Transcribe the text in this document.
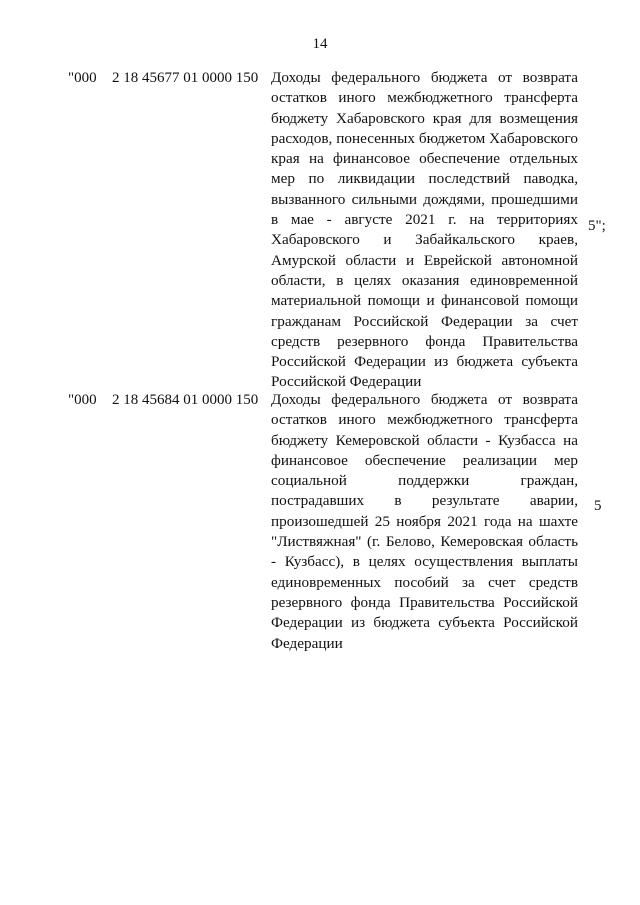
14
"000 2 18 45677 01 0000 150 Доходы федерального бюджета от возврата остатков иного межбюджетного трансферта бюджету Хабаровского края для возмещения расходов, понесенных бюджетом Хабаровского края на финансовое обеспечение отдельных мер по ликвидации последствий паводка, вызванного сильными дождями, прошедшими в мае - августе 2021 г. на территориях Хабаровского и Забайкальского краев, Амурской области и Еврейской автономной области, в целях оказания единовременной материальной помощи и финансовой помощи гражданам Российской Федерации за счет средств резервного фонда Правительства Российской Федерации из бюджета субъекта Российской Федерации
5";
"000 2 18 45684 01 0000 150 Доходы федерального бюджета от возврата остатков иного межбюджетного трансферта бюджету Кемеровской области - Кузбасса на финансовое обеспечение реализации мер социальной поддержки граждан, пострадавших в результате аварии, произошедшей 25 ноября 2021 года на шахте "Листвяжная" (г. Белово, Кемеровская область - Кузбасс), в целях осуществления выплаты единовременных пособий за счет средств резервного фонда Правительства Российской Федерации из бюджета субъекта Российской Федерации
5
